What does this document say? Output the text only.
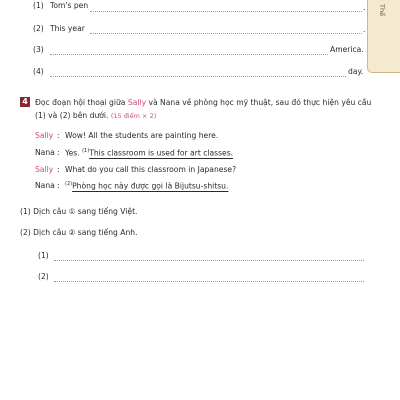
Thể
(1) Tom's pen	.
(2) This year	.
(3)	America.
(4)	day.
4 Đọc đoạn hội thoại giữa Sally và Nana về phòng học mỹ thuật, sau đó thực hiện yêu cầu
(1) và (2) bên dưới. (15 điểm × 2)
Sally : Wow! All the students are painting here.
Nana : Yes. $^{(1)}$This classroom is used for art classes.
Sally : What do you call this classroom in Japanese?
Nana : $^{(2)}$Phòng học này được gọi là Bijutsu-shitsu.
(1) Dịch câu ① sang tiếng Việt.
(2) Dịch câu ② sang tiếng Anh.
(1)
(2)
